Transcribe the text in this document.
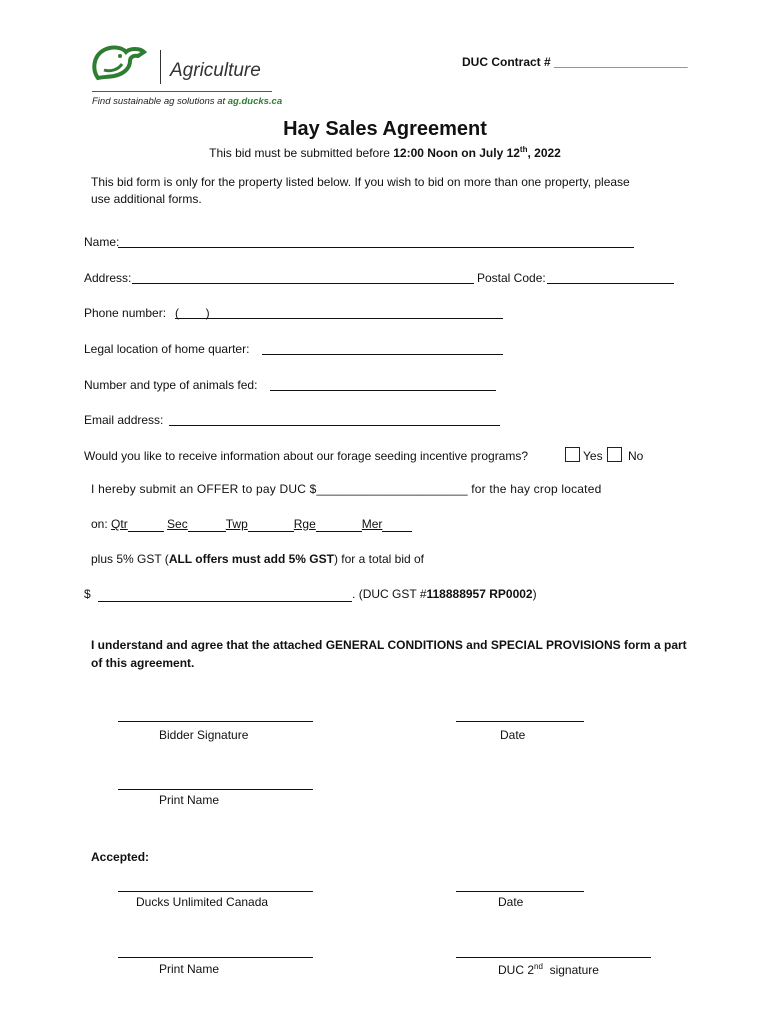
Agriculture
Find sustainable ag solutions at ag.ducks.ca
DUC Contract # ____________________
Hay Sales Agreement
This bid must be submitted before 12:00 Noon on July 12th, 2022
This bid form is only for the property listed below. If you wish to bid on more than one property, please
use additional forms.
Name:
Address:	Postal Code:
Phone number: (        )
Legal location of home quarter:
Number and type of animals fed:
Email address:
Would you like to receive information about our forage seeding incentive programs?	Yes No
I hereby submit an OFFER to pay DUC $______________________ for the hay crop located
on: Qtr	Sec	Twp	Rge	Mer
plus 5% GST (ALL offers must add 5% GST) for a total bid of
$	. (DUC GST #118888957 RP0002)
I understand and agree that the attached GENERAL CONDITIONS and SPECIAL PROVISIONS form a part
of this agreement.
Bidder Signature	Date
Print Name
Accepted:
Ducks Unlimited Canada	Date
Print Name	DUC 2nd  signature
